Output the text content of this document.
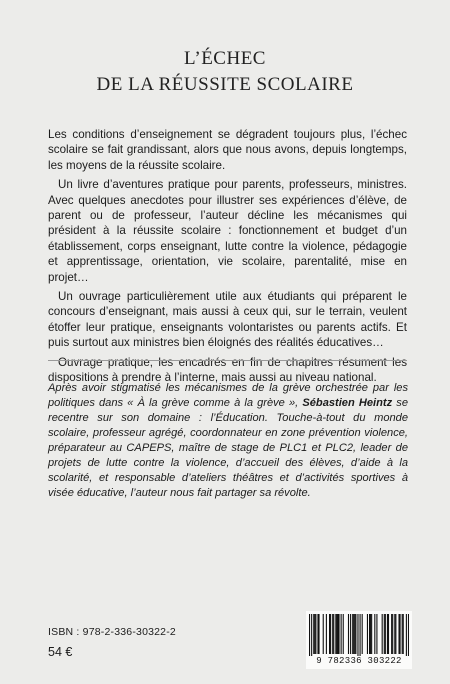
L’ÉCHEC
DE LA RÉUSSITE SCOLAIRE

Les conditions d’enseignement se dégradent toujours plus, l’échec scolaire se fait grandissant, alors que nous avons, depuis longtemps, les moyens de la réussite scolaire.

Un livre d’aventures pratique pour parents, professeurs, ministres. Avec quelques anecdotes pour illustrer ses expériences d’élève, de parent ou de professeur, l’auteur décline les mécanismes qui président à la réussite scolaire : fonctionnement et budget d’un établissement, corps enseignant, lutte contre la violence, pédagogie et apprentissage, orientation, vie scolaire, parentalité, mise en projet…

Un ouvrage particulièrement utile aux étudiants qui préparent le concours d’enseignant, mais aussi à ceux qui, sur le terrain, veulent étoffer leur pratique, enseignants volontaristes ou parents actifs. Et puis surtout aux ministres bien éloignés des réalités éducatives…

Ouvrage pratique, les encadrés en fin de chapitres résument les dispositions à prendre à l’interne, mais aussi au niveau national.

Après avoir stigmatisé les mécanismes de la grève orchestrée par les politiques dans « À la grève comme à la grève », Sébastien Heintz se recentre sur son domaine : l’Éducation. Touche-à-tout du monde scolaire, professeur agrégé, coordonnateur en zone prévention violence, préparateur au CAPEPS, maître de stage de PLC1 et PLC2, leader de projets de lutte contre la violence, d’accueil des élèves, d’aide à la scolarité, et responsable d’ateliers théâtres et d’activités sportives à visée éducative, l’auteur nous fait partager sa révolte.

ISBN : 978-2-336-30322-2
54 €
9 782336 303222
